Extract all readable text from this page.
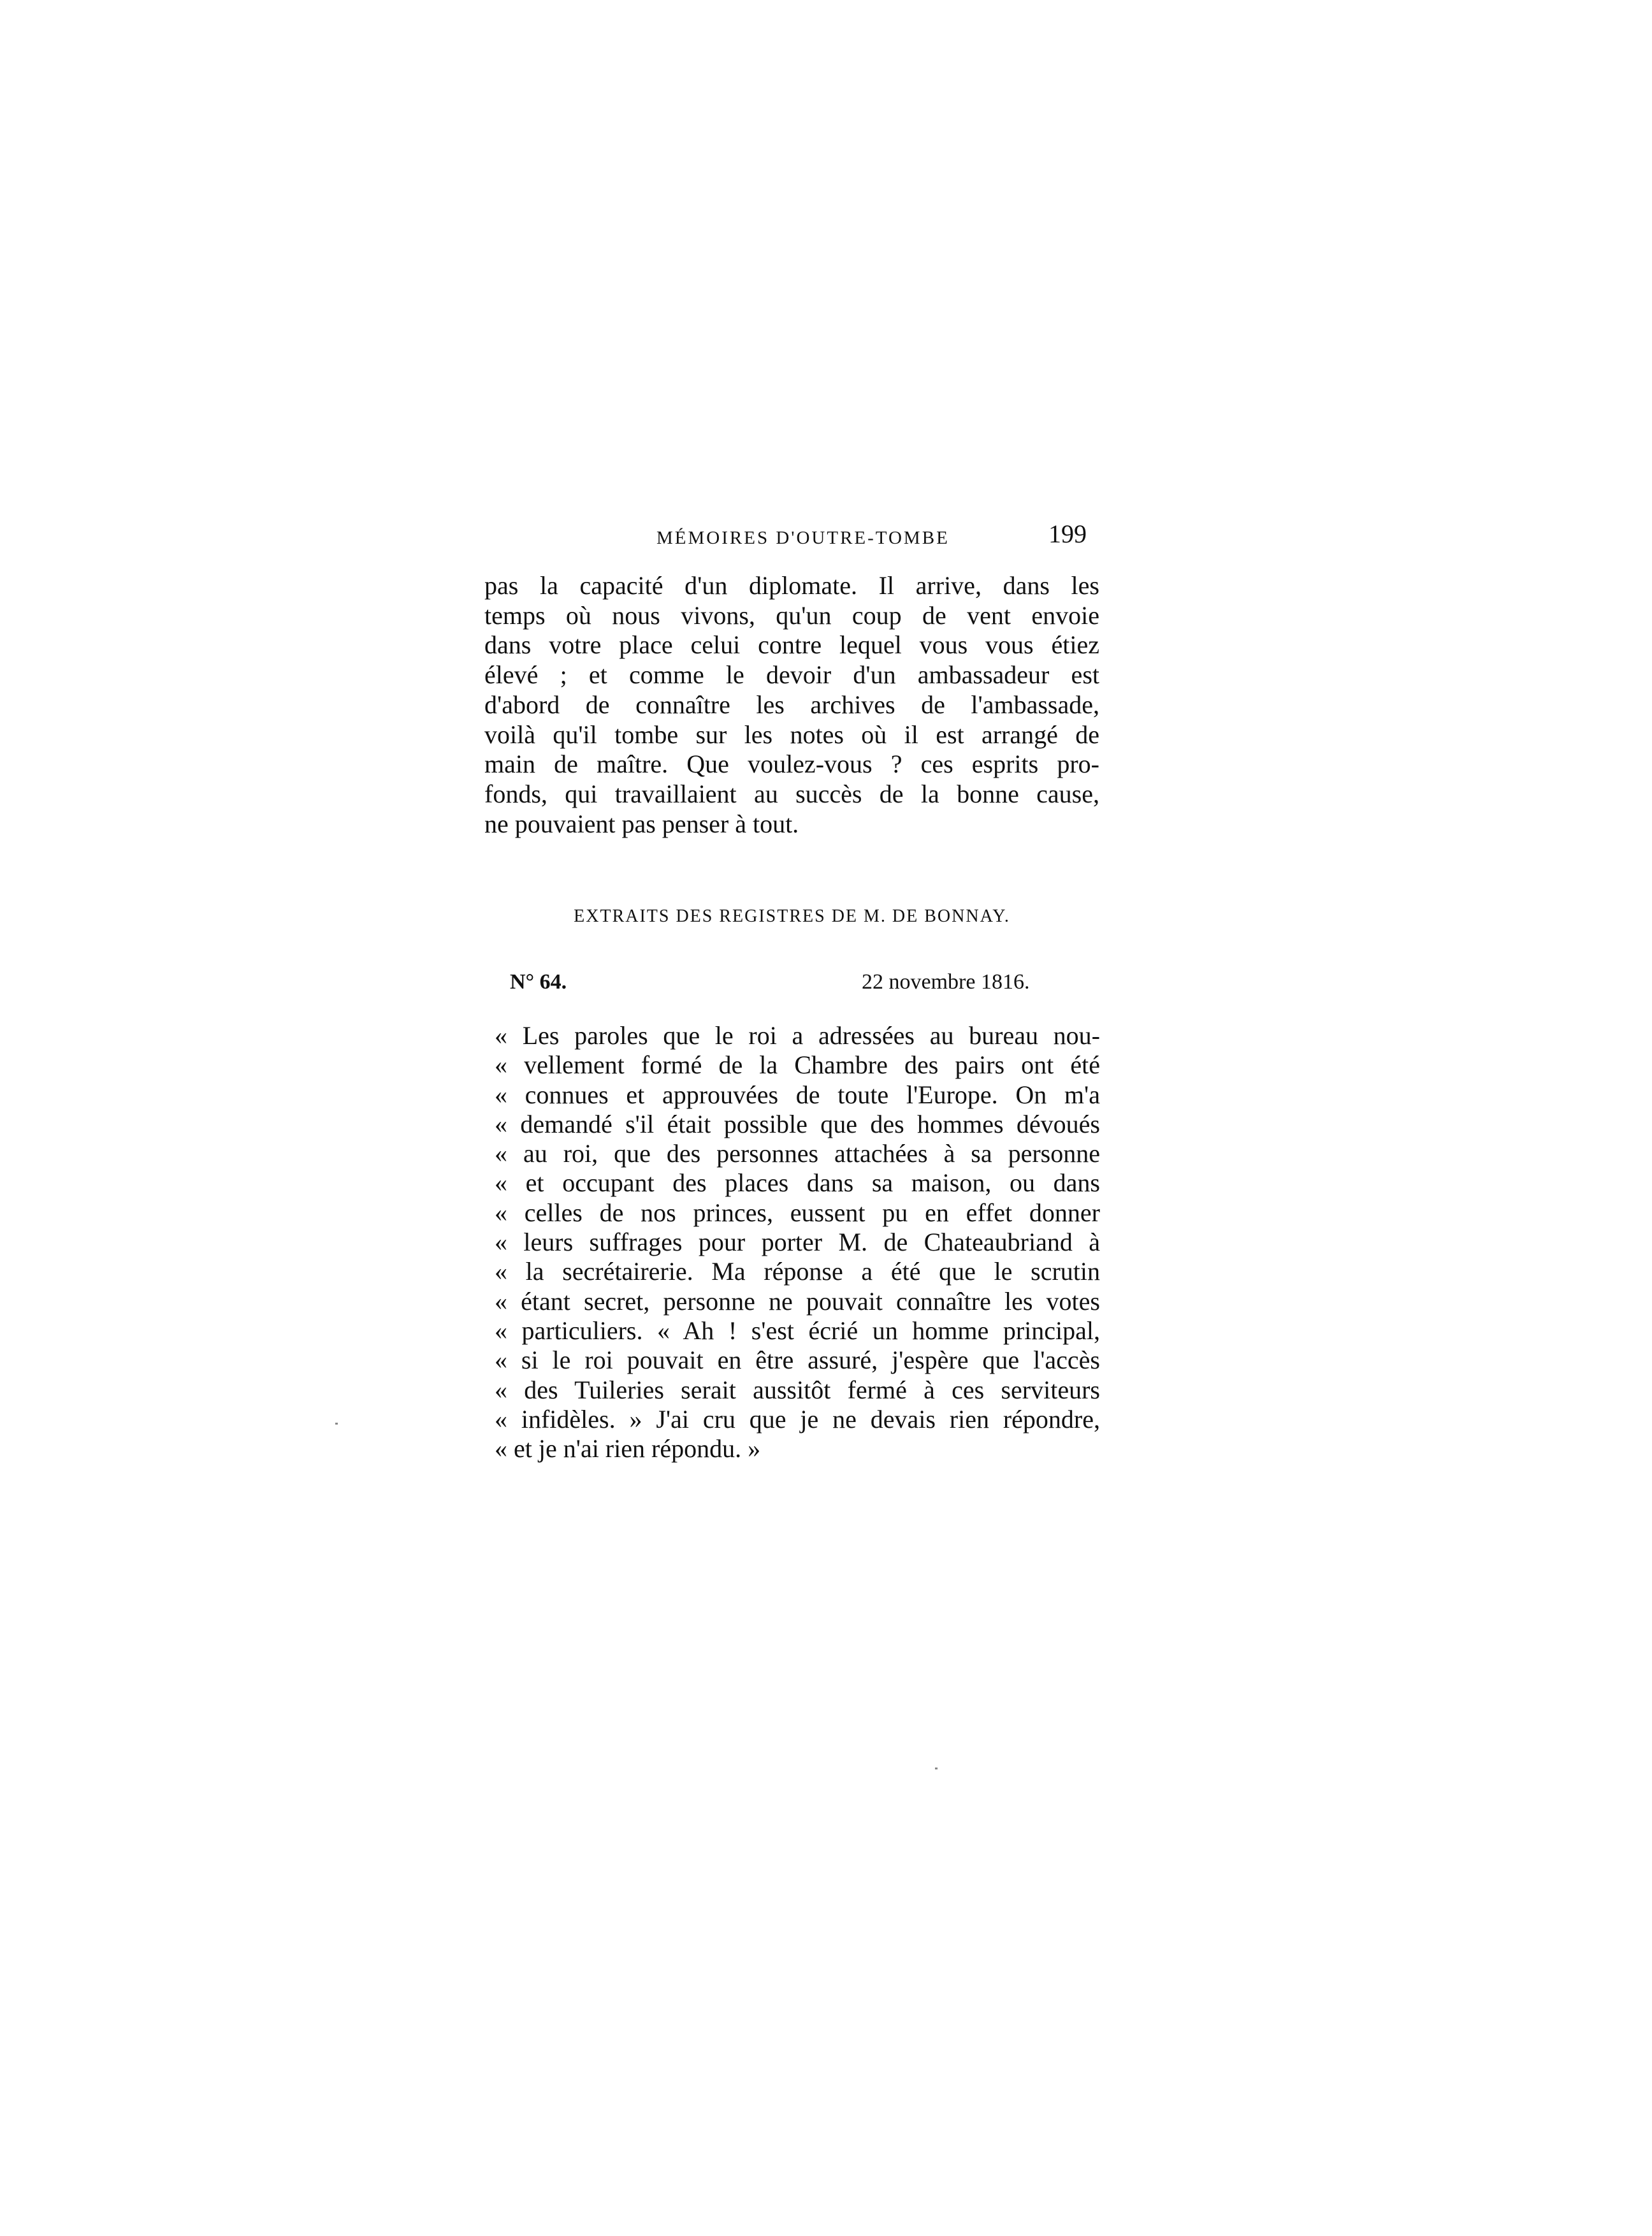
MÉMOIRES D'OUTRE-TOMBE	199

pas la capacité d'un diplomate. Il arrive, dans les
temps où nous vivons, qu'un coup de vent envoie
dans votre place celui contre lequel vous vous étiez
élevé ; et comme le devoir d'un ambassadeur est
d'abord de connaître les archives de l'ambassade,
voilà qu'il tombe sur les notes où il est arrangé de
main de maître. Que voulez-vous ? ces esprits pro-
fonds, qui travaillaient au succès de la bonne cause,
ne pouvaient pas penser à tout.

EXTRAITS DES REGISTRES DE M. DE BONNAY.
N° 64.	22 novembre 1816.

« Les paroles que le roi a adressées au bureau nou-
« vellement formé de la Chambre des pairs ont été
« connues et approuvées de toute l'Europe. On m'a
« demandé s'il était possible que des hommes dévoués
« au roi, que des personnes attachées à sa personne
« et occupant des places dans sa maison, ou dans
« celles de nos princes, eussent pu en effet donner
« leurs suffrages pour porter M. de Chateaubriand à
« la secrétairerie. Ma réponse a été que le scrutin
« étant secret, personne ne pouvait connaître les votes
« particuliers. « Ah ! s'est écrié un homme principal,
« si le roi pouvait en être assuré, j'espère que l'accès
« des Tuileries serait aussitôt fermé à ces serviteurs
« infidèles. » J'ai cru que je ne devais rien répondre,
« et je n'ai rien répondu. »
